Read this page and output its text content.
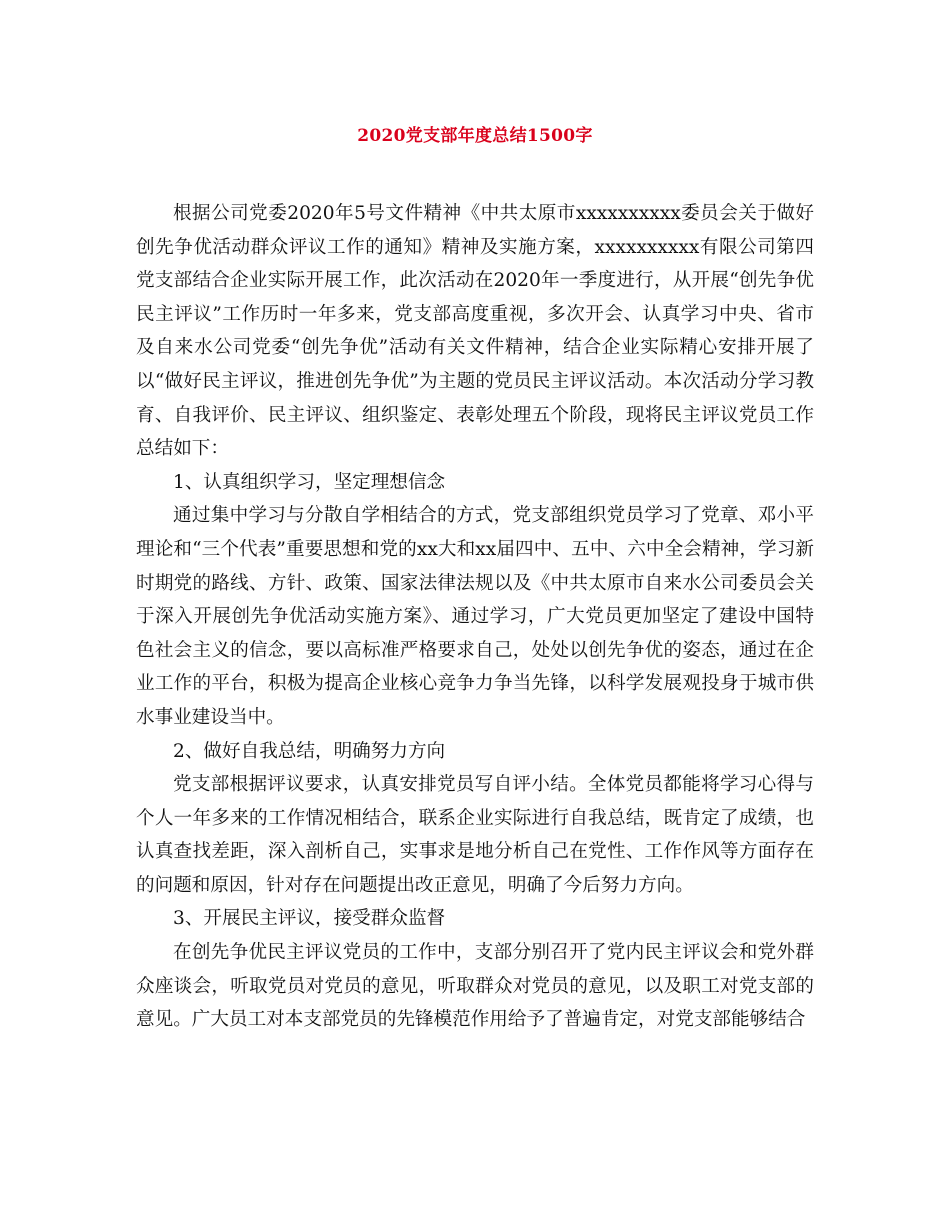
2020党支部年度总结1500字

根据公司党委2020年5号文件精神《中共太原市xxxxxxxxxx委员会关于做好创先争优活动群众评议工作的通知》精神及实施方案，xxxxxxxxxx有限公司第四党支部结合企业实际开展工作，此次活动在2020年一季度进行，从开展“创先争优民主评议”工作历时一年多来，党支部高度重视，多次开会、认真学习中央、省市及自来水公司党委“创先争优”活动有关文件精神，结合企业实际精心安排开展了以“做好民主评议，推进创先争优”为主题的党员民主评议活动。本次活动分学习教育、自我评价、民主评议、组织鉴定、表彰处理五个阶段，现将民主评议党员工作总结如下：

1、认真组织学习，坚定理想信念

通过集中学习与分散自学相结合的方式，党支部组织党员学习了党章、邓小平理论和“三个代表”重要思想和党的xx大和xx届四中、五中、六中全会精神，学习新时期党的路线、方针、政策、国家法律法规以及《中共太原市自来水公司委员会关于深入开展创先争优活动实施方案》、通过学习，广大党员更加坚定了建设中国特色社会主义的信念，要以高标准严格要求自己，处处以创先争优的姿态，通过在企业工作的平台，积极为提高企业核心竞争力争当先锋，以科学发展观投身于城市供水事业建设当中。

2、做好自我总结，明确努力方向

党支部根据评议要求，认真安排党员写自评小结。全体党员都能将学习心得与个人一年多来的工作情况相结合，联系企业实际进行自我总结，既肯定了成绩，也认真查找差距，深入剖析自己，实事求是地分析自己在党性、工作作风等方面存在的问题和原因，针对存在问题提出改正意见，明确了今后努力方向。

3、开展民主评议，接受群众监督

在创先争优民主评议党员的工作中，支部分别召开了党内民主评议会和党外群众座谈会，听取党员对党员的意见，听取群众对党员的意见，以及职工对党支部的意见。广大员工对本支部党员的先锋模范作用给予了普遍肯定，对党支部能够结合
